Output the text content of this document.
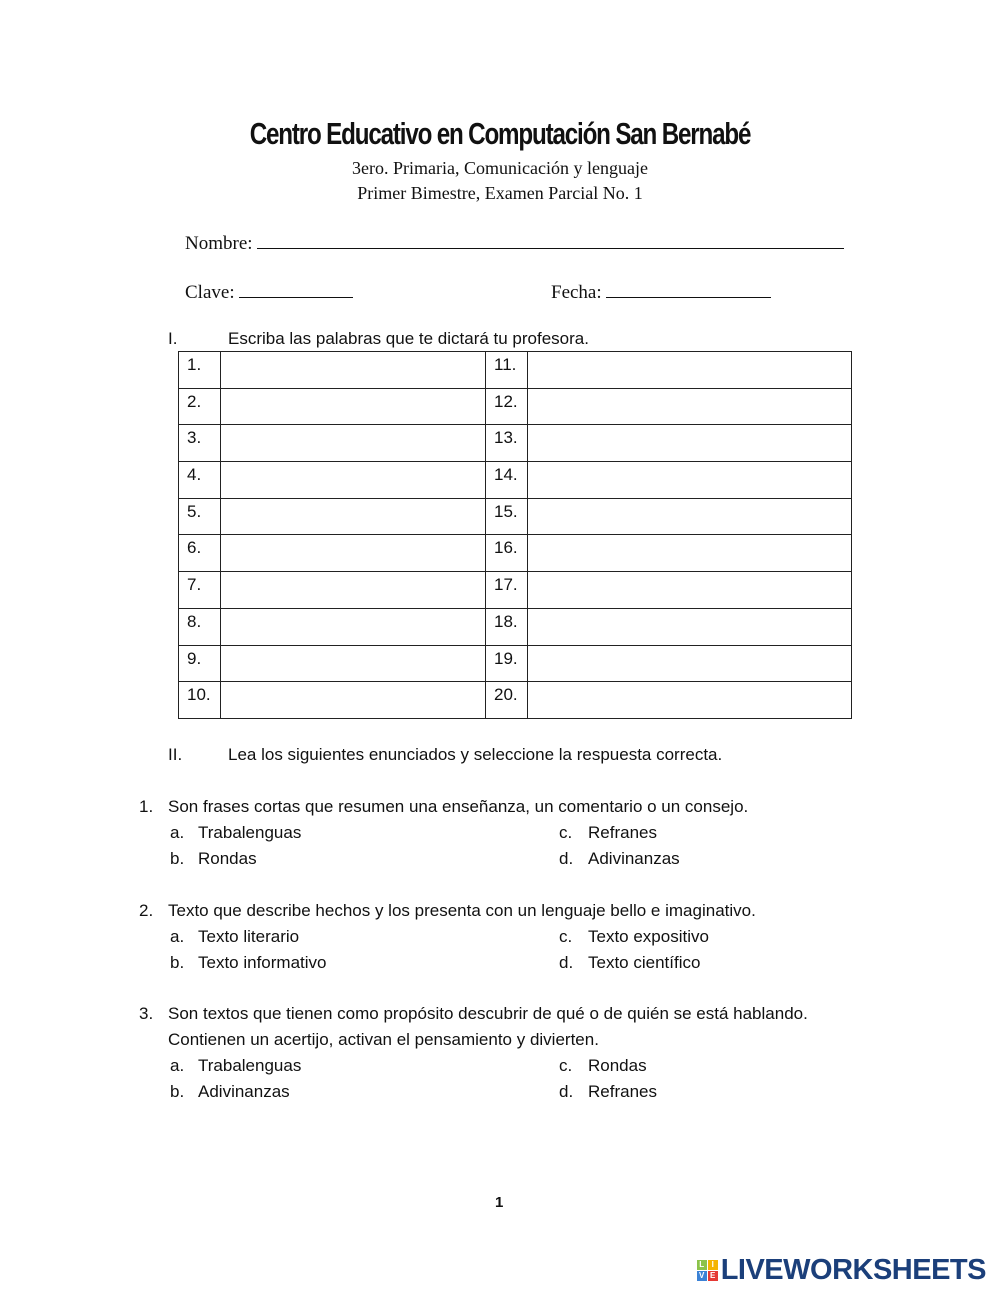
Centro Educativo en Computación San Bernabé
3ero. Primaria, Comunicación y lenguaje
Primer Bimestre, Examen Parcial No. 1
Nombre:
Clave:	Fecha:
I.	Escriba las palabras que te dictará tu profesora.
1.		11.	
2.		12.	
3.		13.	
4.		14.	
5.		15.	
6.		16.	
7.		17.	
8.		18.	
9.		19.	
10.		20.	
II.	Lea los siguientes enunciados y seleccione la respuesta correcta.
1. Son frases cortas que resumen una enseñanza, un comentario o un consejo.
a. Trabalenguas	c. Refranes
b. Rondas	d. Adivinanzas
2. Texto que describe hechos y los presenta con un lenguaje bello e imaginativo.
a. Texto literario	c. Texto expositivo
b. Texto informativo	d. Texto científico
3. Son textos que tienen como propósito descubrir de qué o de quién se está hablando.
Contienen un acertijo, activan el pensamiento y divierten.
a. Trabalenguas	c. Rondas
b. Adivinanzas	d. Refranes
1
L I
V E LIVEWORKSHEETS
